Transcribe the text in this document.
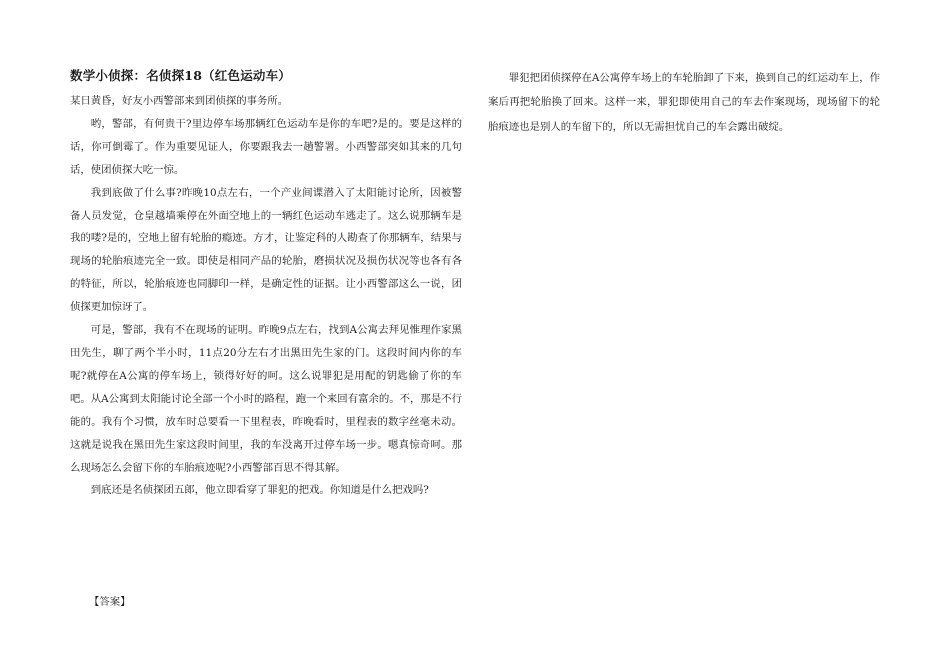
数学小侦探：名侦探18（红色运动车）

某日黄昏，好友小西警部来到团侦探的事务所。

哟，警部，有何贵干?里边停车场那辆红色运动车是你的车吧?是的。要是这样的话，你可倒霉了。作为重要见证人，你要跟我去一趟警署。小西警部突如其来的几句话，使团侦探大吃一惊。

我到底做了什么事?昨晚10点左右，一个产业间谍潜入了太阳能讨论所，因被警备人员发觉，仓皇越墙乘停在外面空地上的一辆红色运动车逃走了。这么说那辆车是我的喽?是的，空地上留有轮胎的瘾迹。方才，让鉴定科的人勘查了你那辆车，结果与现场的轮胎痕迹完全一致。即使是相同产品的轮胎，磨损状况及损伤状况等也各有各的特征，所以，轮胎痕迹也同脚印一样，是确定性的证据。让小西警部这么一说，团侦探更加惊讶了。

可是，警部，我有不在现场的证明。昨晚9点左右，找到A公寓去拜见惟理作家黑田先生，聊了两个半小时，11点20分左右才出黑田先生家的门。这段时间内你的车呢?就停在A公寓的停车场上，锁得好好的呵。这么说罪犯是用配的钥匙偷了你的车吧。从A公寓到太阳能讨论全部一个小时的路程，跑一个来回有富余的。不，那是不行能的。我有个习惯，放车时总要看一下里程表，昨晚看时，里程表的数字丝毫未动。这就是说我在黑田先生家这段时间里，我的车没离开过停车场一步。嗯真惊奇呵。那么现场怎么会留下你的车胎痕迹呢?小西警部百思不得其解。

到底还是名侦探团五郎，他立即看穿了罪犯的把戏。你知道是什么把戏吗?

【答案】

罪犯把团侦探停在A公寓停车场上的车轮胎卸了下来，换到自己的红运动车上，作案后再把轮胎换了回来。这样一来，罪犯即使用自己的车去作案现场，现场留下的轮胎痕迹也是别人的车留下的，所以无需担忧自己的车会露出破绽。
